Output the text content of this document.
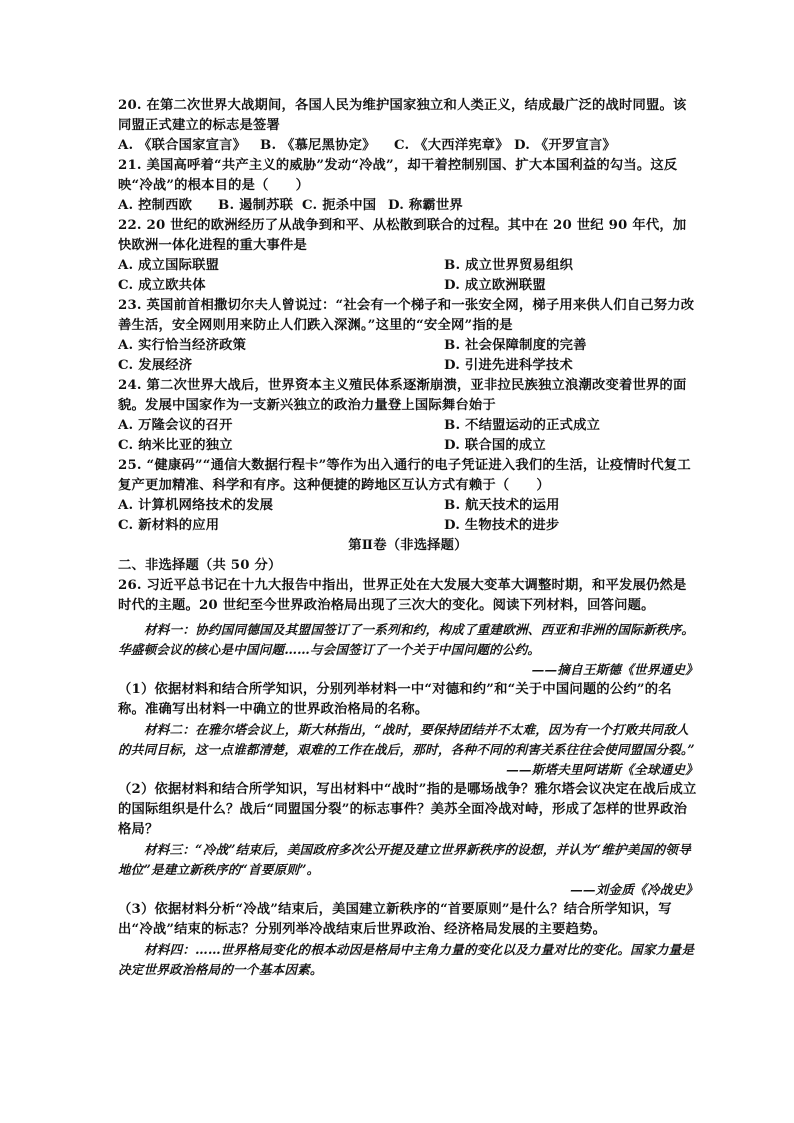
20. 在第二次世界大战期间，各国人民为维护国家独立和人类正义，结成最广泛的战时同盟。该同盟正式建立的标志是签署

A. 《联合国家宣言》	B. 《慕尼黑协定》	C. 《大西洋宪章》 D. 《开罗宣言》

21. 美国高呼着“共产主义的威胁”发动“冷战”，却干着控制别国、扩大本国利益的勾当。这反映“冷战”的根本目的是（　　）

A. 控制西欧	B. 遏制苏联 C. 扼杀中国 D. 称霸世界

22. 20 世纪的欧洲经历了从战争到和平、从松散到联合的过程。其中在 20 世纪 90 年代，加快欧洲一体化进程的重大事件是

A. 成立国际联盟	B. 成立世界贸易组织
C. 成立欧共体	D. 成立欧洲联盟

23. 英国前首相撒切尔夫人曾说过：“社会有一个梯子和一张安全网，梯子用来供人们自己努力改善生活，安全网则用来防止人们跌入深渊。”这里的“安全网”指的是

A. 实行恰当经济政策	B. 社会保障制度的完善
C. 发展经济	D. 引进先进科学技术

24. 第二次世界大战后，世界资本主义殖民体系逐渐崩溃，亚非拉民族独立浪潮改变着世界的面貌。发展中国家作为一支新兴独立的政治力量登上国际舞台始于

A. 万隆会议的召开	B. 不结盟运动的正式成立
C. 纳米比亚的独立	D. 联合国的成立

25. “健康码”“通信大数据行程卡”等作为出入通行的电子凭证进入我们的生活，让疫情时代复工复产更加精准、科学和有序。这种便捷的跨地区互认方式有赖于（　　）

A. 计算机网络技术的发展	B. 航天技术的运用
C. 新材料的应用	D. 生物技术的进步

第Ⅱ卷（非选择题）

二、非选择题（共 50 分）

26. 习近平总书记在十九大报告中指出，世界正处在大发展大变革大调整时期，和平发展仍然是时代的主题。20 世纪至今世界政治格局出现了三次大的变化。阅读下列材料，回答问题。

材料一：协约国同德国及其盟国签订了一系列和约，构成了重建欧洲、西亚和非洲的国际新秩序。华盛顿会议的核心是中国问题……与会国签订了一个关于中国问题的公约。

——摘自王斯德《世界通史》

（1）依据材料和结合所学知识，分别列举材料一中“对德和约”和“关于中国问题的公约”的名称。准确写出材料一中确立的世界政治格局的名称。

材料二：在雅尔塔会议上，斯大林指出，“战时，要保持团结并不太难，因为有一个打败共同敌人的共同目标，这一点谁都清楚，艰难的工作在战后，那时，各种不同的利害关系往往会使同盟国分裂。”

——斯塔夫里阿诺斯《全球通史》

（2）依据材料和结合所学知识，写出材料中“战时”指的是哪场战争？雅尔塔会议决定在战后成立的国际组织是什么？战后“同盟国分裂”的标志事件？美苏全面冷战对峙，形成了怎样的世界政治格局？

材料三：“冷战”结束后，美国政府多次公开提及建立世界新秩序的设想，并认为“维护美国的领导地位”是建立新秩序的“首要原则”。

——刘金质《冷战史》

（3）依据材料分析“冷战”结束后，美国建立新秩序的“首要原则”是什么？结合所学知识，写出“冷战”结束的标志？分别列举冷战结束后世界政治、经济格局发展的主要趋势。

材料四：……世界格局变化的根本动因是格局中主角力量的变化以及力量对比的变化。国家力量是决定世界政治格局的一个基本因素。
